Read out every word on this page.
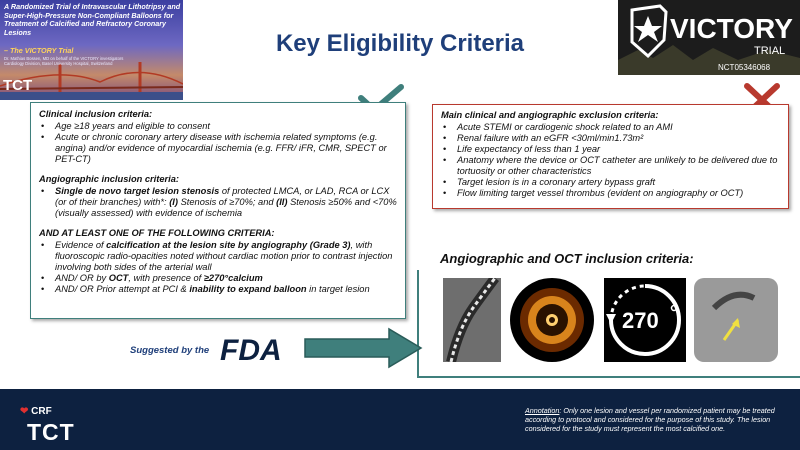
A Randomized Trial of Intravascular Lithotripsy and Super-High-Pressure Non-Compliant Balloons for Treatment of Calcified and Refractory Coronary Lesions
– The VICTORY Trial
Dr. Mathias Bossen, MD on behalf of the VICTORY investigators
Cardiology Division, Basel University Hospital, Switzerland
TCT
VICTORY
TRIAL
NCT05346068
Key Eligibility Criteria
Clinical inclusion criteria:
• Age ≥18 years and eligible to consent
• Acute or chronic coronary artery disease with ischemia related symptoms (e.g. angina) and/or evidence of myocardial ischemia (e.g. FFR/ iFR, CMR, SPECT or PET-CT)
Angiographic inclusion criteria:
• Single de novo target lesion stenosis of protected LMCA, or LAD, RCA or LCX (or of their branches) with*: (I) Stenosis of ≥70%; and (II) Stenosis ≥50% and <70% (visually assessed) with evidence of ischemia
AND AT LEAST ONE OF THE FOLLOWING CRITERIA:
• Evidence of calcification at the lesion site by angiography (Grade 3), with fluoroscopic radio-opacities noted without cardiac motion prior to contrast injection involving both sides of the arterial wall
• AND/ OR by OCT, with presence of ≥270°calcium
• AND/ OR Prior attempt at PCI & inability to expand balloon in target lesion
Main clinical and angiographic exclusion criteria:
• Acute STEMI or cardiogenic shock related to an AMI
• Renal failure with an eGFR <30ml/min1.73m²
• Life expectancy of less than 1 year
• Anatomy where the device or OCT catheter are unlikely to be delivered due to tortuosity or other characteristics
• Target lesion is in a coronary artery bypass graft
• Flow limiting target vessel thrombus (evident on angiography or OCT)
Angiographic and OCT inclusion criteria:
270
Suggested by the FDA
❤ CRF
TCT
Annotation: Only one lesion and vessel per randomized patient may be treated according to protocol and considered for the purpose of this study. The lesion considered for the study must represent the most calcified one.
